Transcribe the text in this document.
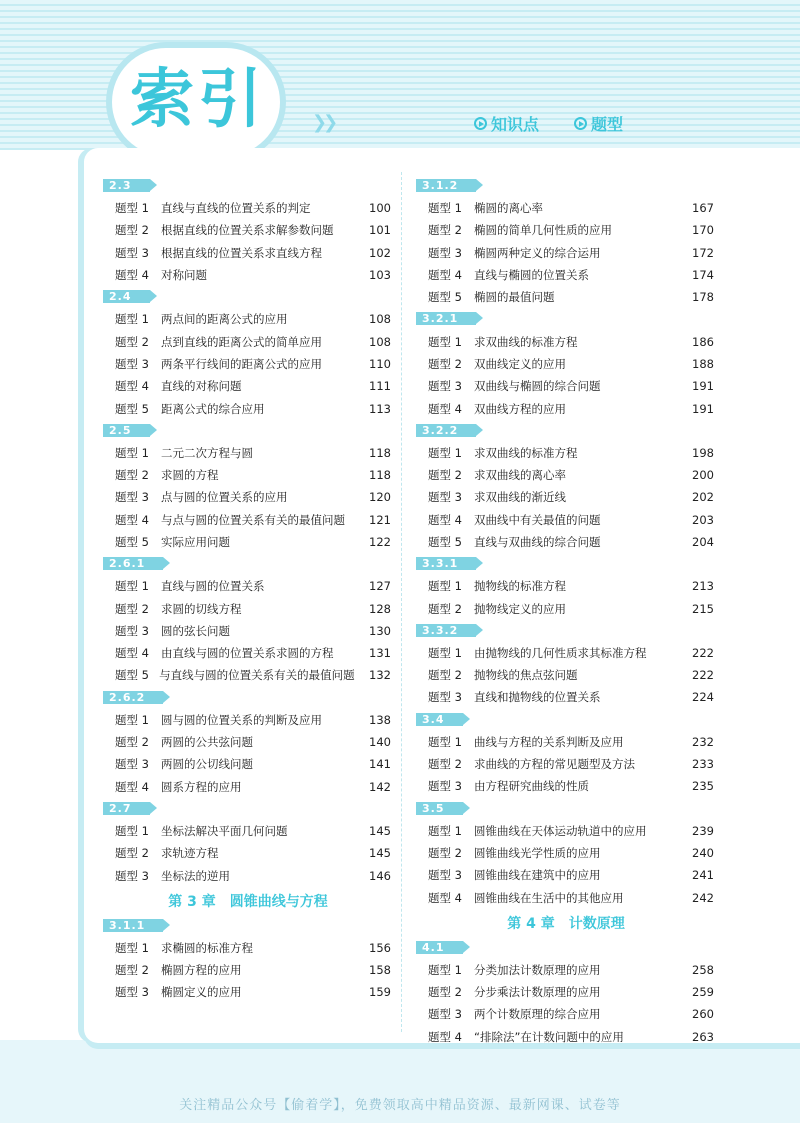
索引	❯❯	知识点	题型
2.3
题型 1	直线与直线的位置关系的判定	100
题型 2	根据直线的位置关系求解参数问题	101
题型 3	根据直线的位置关系求直线方程	102
题型 4	对称问题	103
2.4
题型 1	两点间的距离公式的应用	108
题型 2	点到直线的距离公式的简单应用	108
题型 3	两条平行线间的距离公式的应用	110
题型 4	直线的对称问题	111
题型 5	距离公式的综合应用	113
2.5
题型 1	二元二次方程与圆	118
题型 2	求圆的方程	118
题型 3	点与圆的位置关系的应用	120
题型 4	与点与圆的位置关系有关的最值问题	121
题型 5	实际应用问题	122
2.6.1
题型 1	直线与圆的位置关系	127
题型 2	求圆的切线方程	128
题型 3	圆的弦长问题	130
题型 4	由直线与圆的位置关系求圆的方程	131
题型 5 与直线与圆的位置关系有关的最值问题	132
2.6.2
题型 1	圆与圆的位置关系的判断及应用	138
题型 2	两圆的公共弦问题	140
题型 3	两圆的公切线问题	141
题型 4	圆系方程的应用	142
2.7
题型 1	坐标法解决平面几何问题	145
题型 2	求轨迹方程	145
题型 3	坐标法的逆用	146
第 3 章　圆锥曲线与方程
3.1.1
题型 1	求椭圆的标准方程	156
题型 2	椭圆方程的应用	158
题型 3	椭圆定义的应用	159
3.1.2
题型 1	椭圆的离心率	167
题型 2	椭圆的简单几何性质的应用	170
题型 3	椭圆两种定义的综合运用	172
题型 4	直线与椭圆的位置关系	174
题型 5	椭圆的最值问题	178
3.2.1
题型 1	求双曲线的标准方程	186
题型 2	双曲线定义的应用	188
题型 3	双曲线与椭圆的综合问题	191
题型 4	双曲线方程的应用	191
3.2.2
题型 1	求双曲线的标准方程	198
题型 2	求双曲线的离心率	200
题型 3	求双曲线的渐近线	202
题型 4	双曲线中有关最值的问题	203
题型 5	直线与双曲线的综合问题	204
3.3.1
题型 1	抛物线的标准方程	213
题型 2	抛物线定义的应用	215
3.3.2
题型 1	由抛物线的几何性质求其标准方程	222
题型 2	抛物线的焦点弦问题	222
题型 3	直线和抛物线的位置关系	224
3.4
题型 1	曲线与方程的关系判断及应用	232
题型 2	求曲线的方程的常见题型及方法	233
题型 3	由方程研究曲线的性质	235
3.5
题型 1	圆锥曲线在天体运动轨道中的应用	239
题型 2	圆锥曲线光学性质的应用	240
题型 3	圆锥曲线在建筑中的应用	241
题型 4	圆锥曲线在生活中的其他应用	242
第 4 章　计数原理
4.1
题型 1	分类加法计数原理的应用	258
题型 2	分步乘法计数原理的应用	259
题型 3	两个计数原理的综合应用	260
题型 4	“排除法”在计数问题中的应用	263
关注精品公众号【偷着学】，免费领取高中精品资源、最新网课、试卷等
